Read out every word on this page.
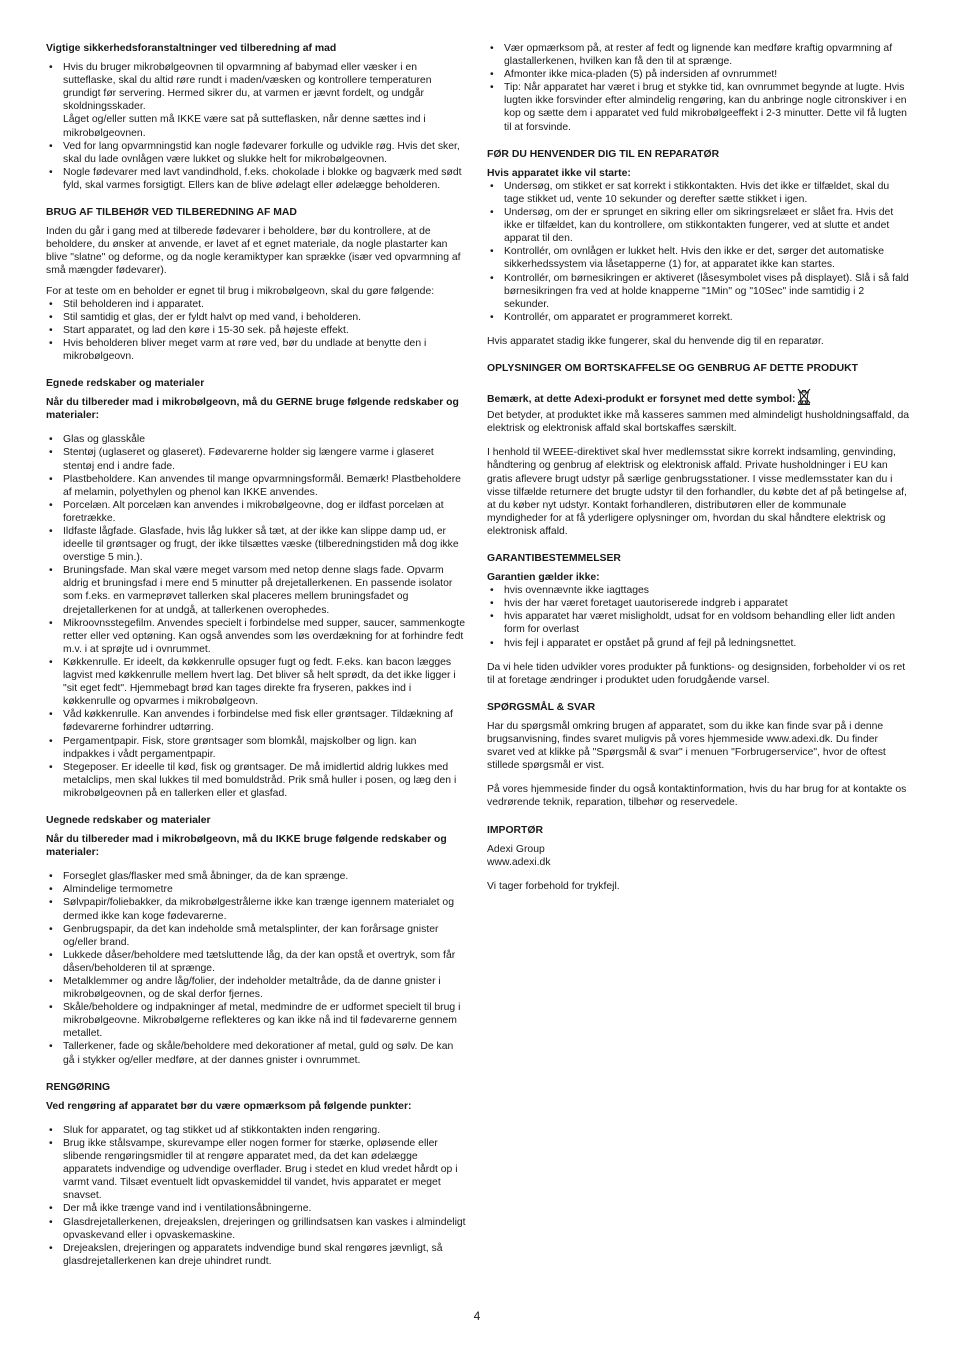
Vigtige sikkerhedsforanstaltninger ved tilberedning af mad
• Hvis du bruger mikrobølgeovnen til opvarmning af babymad eller væsker i en sutteflaske, skal du altid røre rundt i maden/væsken og kontrollere temperaturen grundigt før servering. Hermed sikrer du, at varmen er jævnt fordelt, og undgår skoldningsskader.
Låget og/eller sutten må IKKE være sat på sutteflasken, når denne sættes ind i mikrobølgeovnen.
• Ved for lang opvarmningstid kan nogle fødevarer forkulle og udvikle røg. Hvis det sker, skal du lade ovnlågen være lukket og slukke helt for mikrobølgeovnen.
• Nogle fødevarer med lavt vandindhold, f.eks. chokolade i blokke og bagværk med sødt fyld, skal varmes forsigtigt. Ellers kan de blive ødelagt eller ødelægge beholderen.
BRUG AF TILBEHØR VED TILBEREDNING AF MAD

Inden du går i gang med at tilberede fødevarer i beholdere, bør du kontrollere, at de beholdere, du ønsker at anvende, er lavet af et egnet materiale, da nogle plastarter kan blive "slatne" og deforme, og da nogle keramiktyper kan sprække (især ved opvarmning af små mængder fødevarer).

For at teste om en beholder er egnet til brug i mikrobølgeovn, skal du gøre følgende:

• Stil beholderen ind i apparatet.
• Stil samtidig et glas, der er fyldt halvt op med vand, i beholderen.
• Start apparatet, og lad den køre i 15-30 sek. på højeste effekt.
• Hvis beholderen bliver meget varm at røre ved, bør du undlade at benytte den i mikrobølgeovn.
Egnede redskaber og materialer

Når du tilbereder mad i mikrobølgeovn, må du GERNE bruge følgende redskaber og materialer:

• Glas og glasskåle
• Stentøj (uglaseret og glaseret). Fødevarerne holder sig længere varme i glaseret stentøj end i andre fade.
• Plastbeholdere. Kan anvendes til mange opvarmningsformål. Bemærk! Plastbeholdere af melamin, polyethylen og phenol kan IKKE anvendes.
• Porcelæn. Alt porcelæn kan anvendes i mikrobølgeovne, dog er ildfast porcelæn at foretrække.
• Ildfaste lågfade. Glasfade, hvis låg lukker så tæt, at der ikke kan slippe damp ud, er ideelle til grøntsager og frugt, der ikke tilsættes væske (tilberedningstiden må dog ikke overstige 5 min.).
• Bruningsfade. Man skal være meget varsom med netop denne slags fade. Opvarm aldrig et bruningsfad i mere end 5 minutter på drejetallerkenen. En passende isolator som f.eks. en varmeprøvet tallerken skal placeres mellem bruningsfadet og drejetallerkenen for at undgå, at tallerkenen overophedes.
• Mikroovnsstegefilm. Anvendes specielt i forbindelse med supper, saucer, sammenkogte retter eller ved optøning. Kan også anvendes som løs overdækning for at forhindre fedt m.v. i at sprøjte ud i ovnrummet.
• Køkkenrulle. Er ideelt, da køkkenrulle opsuger fugt og fedt. F.eks. kan bacon lægges lagvist med køkkenrulle mellem hvert lag. Det bliver så helt sprødt, da det ikke ligger i "sit eget fedt". Hjemmebagt brød kan tages direkte fra fryseren, pakkes ind i køkkenrulle og opvarmes i mikrobølgeovn.
• Våd køkkenrulle. Kan anvendes i forbindelse med fisk eller grøntsager. Tildækning af fødevarerne forhindrer udtørring.
• Pergamentpapir. Fisk, store grøntsager som blomkål, majskolber og lign. kan indpakkes i vådt pergamentpapir.
• Stegeposer. Er ideelle til kød, fisk og grøntsager. De må imidlertid aldrig lukkes med metalclips, men skal lukkes til med bomuldstråd. Prik små huller i posen, og læg den i mikrobølgeovnen på en tallerken eller et glasfad.
Uegnede redskaber og materialer

Når du tilbereder mad i mikrobølgeovn, må du IKKE bruge følgende redskaber og materialer:

• Forseglet glas/flasker med små åbninger, da de kan sprænge.
• Almindelige termometre
• Sølvpapir/foliebakker, da mikrobølgestrålerne ikke kan trænge igennem materialet og dermed ikke kan koge fødevarerne.
• Genbrugspapir, da det kan indeholde små metalsplinter, der kan forårsage gnister og/eller brand.
• Lukkede dåser/beholdere med tætsluttende låg, da der kan opstå et overtryk, som får dåsen/beholderen til at sprænge.
• Metalklemmer og andre låg/folier, der indeholder metaltråde, da de danne gnister i mikrobølgeovnen, og de skal derfor fjernes.
• Skåle/beholdere og indpakninger af metal, medmindre de er udformet specielt til brug i mikrobølgeovne. Mikrobølgerne reflekteres og kan ikke nå ind til fødevarerne gennem metallet.
• Tallerkener, fade og skåle/beholdere med dekorationer af metal, guld og sølv. De kan gå i stykker og/eller medføre, at der dannes gnister i ovnrummet.
RENGØRING

Ved rengøring af apparatet bør du være opmærksom på følgende punkter:

• Sluk for apparatet, og tag stikket ud af stikkontakten inden rengøring.
• Brug ikke stålsvampe, skurevampe eller nogen former for stærke, opløsende eller slibende rengøringsmidler til at rengøre apparatet med, da det kan ødelægge apparatets indvendige og udvendige overflader. Brug i stedet en klud vredet hårdt op i varmt vand. Tilsæt eventuelt lidt opvaskemiddel til vandet, hvis apparatet er meget snavset.
• Der må ikke trænge vand ind i ventilationsåbningerne.
• Glasdrejetallerkenen, drejeakslen, drejeringen og grillindsatsen kan vaskes i almindeligt opvaskevand eller i opvaskemaskine.
• Drejeakslen, drejeringen og apparatets indvendige bund skal rengøres jævnligt, så glasdrejetallerkenen kan dreje uhindret rundt.
• Vær opmærksom på, at rester af fedt og lignende kan medføre kraftig opvarmning af glastallerkenen, hvilken kan få den til at sprænge.
• Afmonter ikke mica-pladen (5) på indersiden af ovnrummet!
• Tip: Når apparatet har været i brug et stykke tid, kan ovnrummet begynde at lugte. Hvis lugten ikke forsvinder efter almindelig rengøring, kan du anbringe nogle citronskiver i en kop og sætte dem i apparatet ved fuld mikrobølgeeffekt i 2-3 minutter. Dette vil få lugten til at forsvinde.
FØR DU HENVENDER DIG TIL EN REPARATØR

Hvis apparatet ikke vil starte:

• Undersøg, om stikket er sat korrekt i stikkontakten. Hvis det ikke er tilfældet, skal du tage stikket ud, vente 10 sekunder og derefter sætte stikket i igen.
• Undersøg, om der er sprunget en sikring eller om sikringsrelæet er slået fra. Hvis det ikke er tilfældet, kan du kontrollere, om stikkontakten fungerer, ved at slutte et andet apparat til den.
• Kontrollér, om ovnlågen er lukket helt. Hvis den ikke er det, sørger det automatiske sikkerhedssystem via låsetapperne (1) for, at apparatet ikke kan startes.
• Kontrollér, om børnesikringen er aktiveret (låsesymbolet vises på displayet). Slå i så fald børnesikringen fra ved at holde knapperne "1Min" og "10Sec" inde samtidig i 2 sekunder.
• Kontrollér, om apparatet er programmeret korrekt.

Hvis apparatet stadig ikke fungerer, skal du henvende dig til en reparatør.

OPLYSNINGER OM BORTSKAFFELSE OG GENBRUG AF DETTE PRODUKT

Bemærk, at dette Adexi-produkt er forsynet med dette symbol:

Det betyder, at produktet ikke må kasseres sammen med almindeligt husholdningsaffald, da elektrisk og elektronisk affald skal bortskaffes særskilt.

I henhold til WEEE-direktivet skal hver medlemsstat sikre korrekt indsamling, genvinding, håndtering og genbrug af elektrisk og elektronisk affald. Private husholdninger i EU kan gratis aflevere brugt udstyr på særlige genbrugsstationer. I visse medlemsstater kan du i visse tilfælde returnere det brugte udstyr til den forhandler, du købte det af på betingelse af, at du køber nyt udstyr. Kontakt forhandleren, distributøren eller de kommunale myndigheder for at få yderligere oplysninger om, hvordan du skal håndtere elektrisk og elektronisk affald.

GARANTIBESTEMMELSER

Garantien gælder ikke:

• hvis ovennævnte ikke iagttages
• hvis der har været foretaget uautoriserede indgreb i apparatet
• hvis apparatet har været misligholdt, udsat for en voldsom behandling eller lidt anden form for overlast
• hvis fejl i apparatet er opstået på grund af fejl på ledningsnettet.

Da vi hele tiden udvikler vores produkter på funktions- og designsiden, forbeholder vi os ret til at foretage ændringer i produktet uden forudgående varsel.

SPØRGSMÅL & SVAR

Har du spørgsmål omkring brugen af apparatet, som du ikke kan finde svar på i denne brugsanvisning, findes svaret muligvis på vores hjemmeside www.adexi.dk. Du finder svaret ved at klikke på "Spørgsmål & svar" i menuen "Forbrugerservice", hvor de oftest stillede spørgsmål er vist.

På vores hjemmeside finder du også kontaktinformation, hvis du har brug for at kontakte os vedrørende teknik, reparation, tilbehør og reservedele.

IMPORTØR

Adexi Group

www.adexi.dk

Vi tager forbehold for trykfejl.

4
